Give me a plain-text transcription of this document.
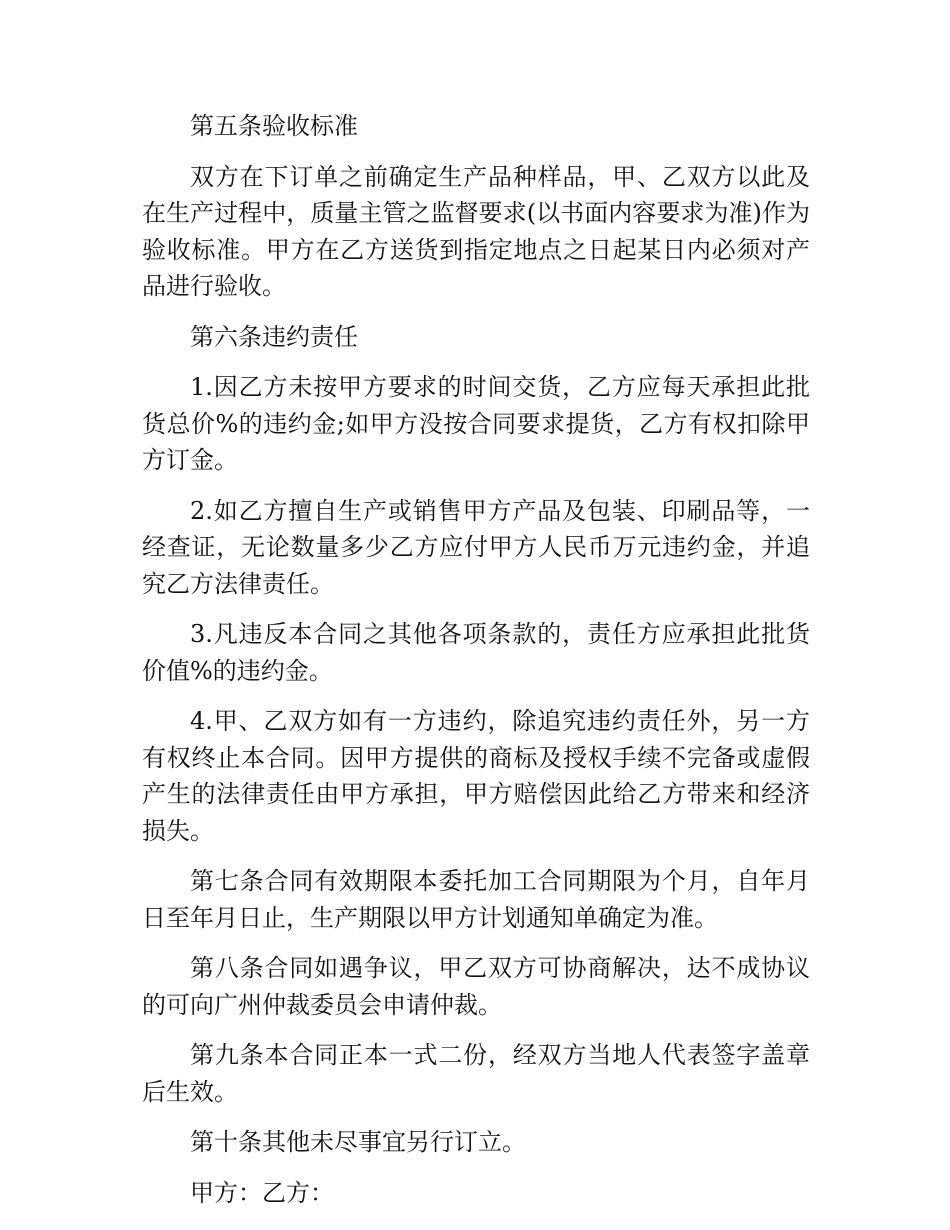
第五条验收标准

双方在下订单之前确定生产品种样品，甲、乙双方以此及在生产过程中，质量主管之监督要求(以书面内容要求为准)作为验收标准。甲方在乙方送货到指定地点之日起某日内必须对产品进行验收。

第六条违约责任

1.因乙方未按甲方要求的时间交货，乙方应每天承担此批货总价%的违约金;如甲方没按合同要求提货，乙方有权扣除甲方订金。

2.如乙方擅自生产或销售甲方产品及包装、印刷品等，一经查证，无论数量多少乙方应付甲方人民币万元违约金，并追究乙方法律责任。

3.凡违反本合同之其他各项条款的，责任方应承担此批货价值%的违约金。

4.甲、乙双方如有一方违约，除追究违约责任外，另一方有权终止本合同。因甲方提供的商标及授权手续不完备或虚假产生的法律责任由甲方承担，甲方赔偿因此给乙方带来和经济损失。

第七条合同有效期限本委托加工合同期限为个月，自年月日至年月日止，生产期限以甲方计划通知单确定为准。

第八条合同如遇争议，甲乙双方可协商解决，达不成协议的可向广州仲裁委员会申请仲裁。

第九条本合同正本一式二份，经双方当地人代表签字盖章后生效。

第十条其他未尽事宜另行订立。

甲方：乙方：
